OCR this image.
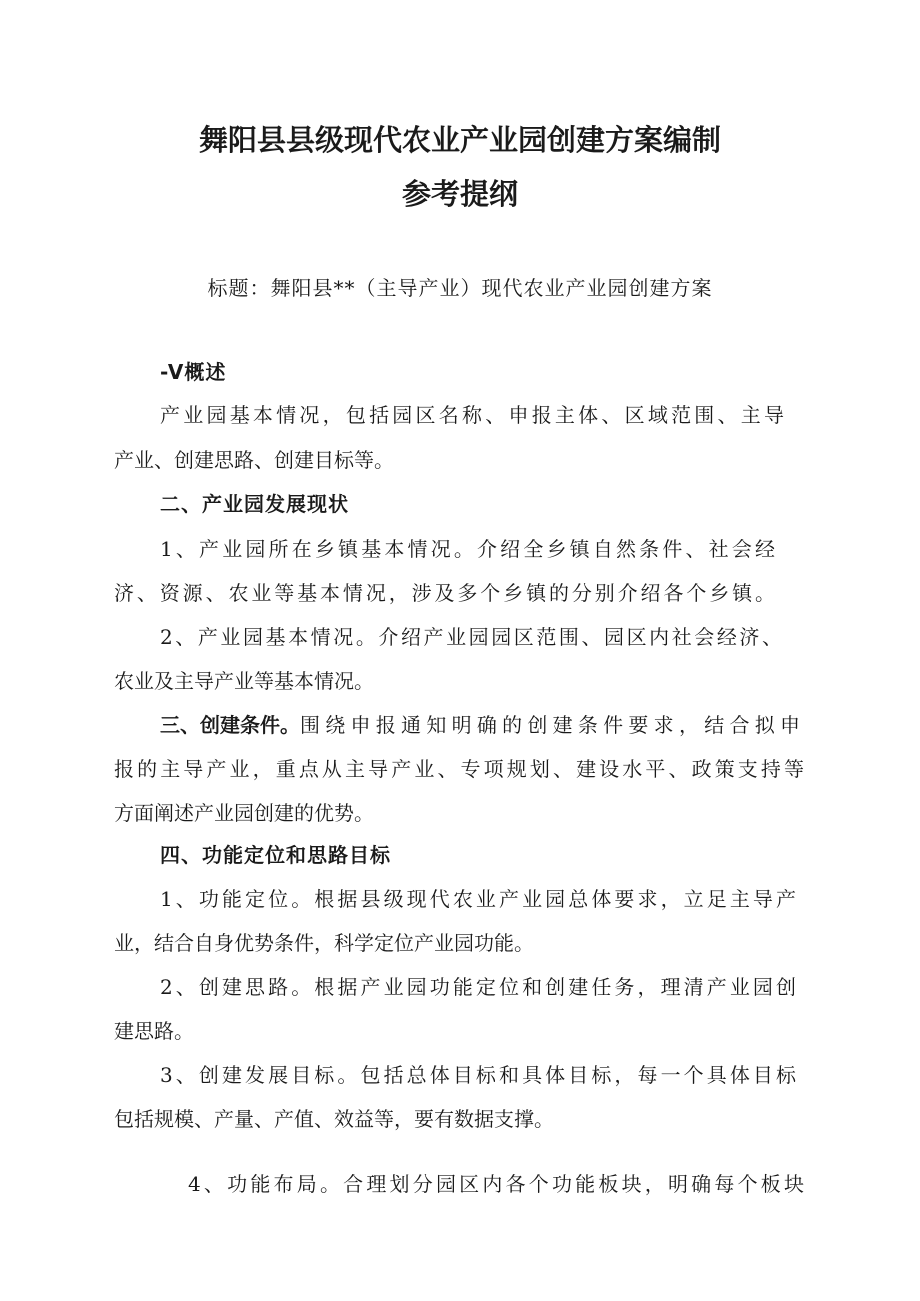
舞阳县县级现代农业产业园创建方案编制
参考提纲
标题：舞阳县**（主导产业）现代农业产业园创建方案
-V概述
产业园基本情况，包括园区名称、申报主体、区域范围、主导
产业、创建思路、创建目标等。
二、产业园发展现状
1、产业园所在乡镇基本情况。介绍全乡镇自然条件、社会经
济、资源、农业等基本情况，涉及多个乡镇的分别介绍各个乡镇。
2、产业园基本情况。介绍产业园园区范围、园区内社会经济、
农业及主导产业等基本情况。
三、创建条件。 围绕申报通知明确的创建条件要求，结合拟申
报的主导产业，重点从主导产业、专项规划、建设水平、政策支持等
方面阐述产业园创建的优势。
四、功能定位和思路目标
1、功能定位。根据县级现代农业产业园总体要求，立足主导产
业，结合自身优势条件，科学定位产业园功能。
2、创建思路。根据产业园功能定位和创建任务，理清产业园创
建思路。
3、创建发展目标。包括总体目标和具体目标，每一个具体目标
包括规模、产量、产值、效益等，要有数据支撑。
4、功能布局。合理划分园区内各个功能板块，明确每个板块
